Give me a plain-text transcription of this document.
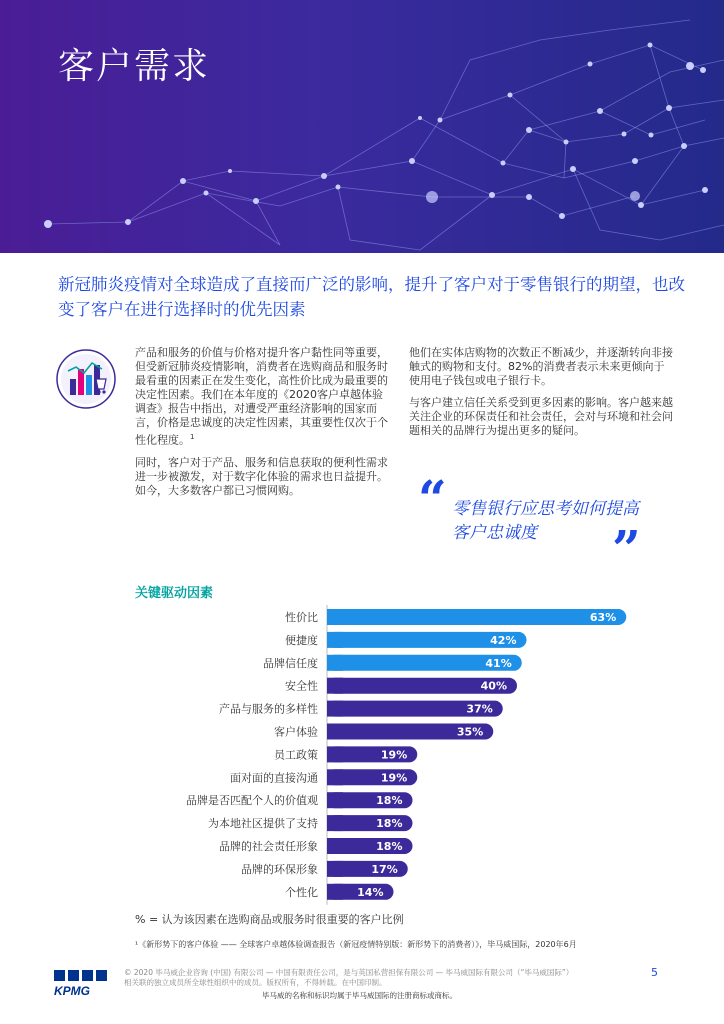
客户需求
新冠肺炎疫情对全球造成了直接而广泛的影响，提升了客户对于零售银行的期望，也改变了客户在进行选择时的优先因素

产品和服务的价值与价格对提升客户黏性同等重要，但受新冠肺炎疫情影响，消费者在选购商品和服务时最看重的因素正在发生变化，高性价比成为最重要的决定性因素。我们在本年度的《2020客户卓越体验调查》报告中指出，对遭受严重经济影响的国家而言，价格是忠诚度的决定性因素，其重要性仅次于个性化程度。$^1$

同时，客户对于产品、服务和信息获取的便利性需求进一步被激发，对于数字化体验的需求也日益提升。如今，大多数客户都已习惯网购。

他们在实体店购物的次数正不断减少，并逐渐转向非接触式的购物和支付。82%的消费者表示未来更倾向于使用电子钱包或电子银行卡。

与客户建立信任关系受到更多因素的影响。客户越来越关注企业的环保责任和社会责任，会对与环境和社会问题相关的品牌行为提出更多的疑问。

“ 零售银行应思考如何提高客户忠诚度	”
关键驱动因素
性价比	63%
便捷度	42%
品牌信任度	41%
安全性	40%
产品与服务的多样性	37%
客户体验	35%
员工政策	19%
面对面的直接沟通	19%
品牌是否匹配个人的价值观	18%
为本地社区提供了支持	18%
品牌的社会责任形象	18%
品牌的环保形象	17%
个性化	14%
% = 认为该因素在选购商品或服务时很重要的客户比例
¹《新形势下的客户体验 —— 全球客户卓越体验调查报告（新冠疫情特别版：新形势下的消费者）》，毕马威国际，2020年6月
KPMG
© 2020 毕马威企业咨询 (中国) 有限公司 — 中国有限责任公司，是与英国私营担保有限公司 — 毕马威国际有限公司（“毕马威国际”）
相关联的独立成员所全球性组织中的成员。版权所有，不得转载。在中国印制。
毕马威的名称和标识均属于毕马威国际的注册商标或商标。
5
